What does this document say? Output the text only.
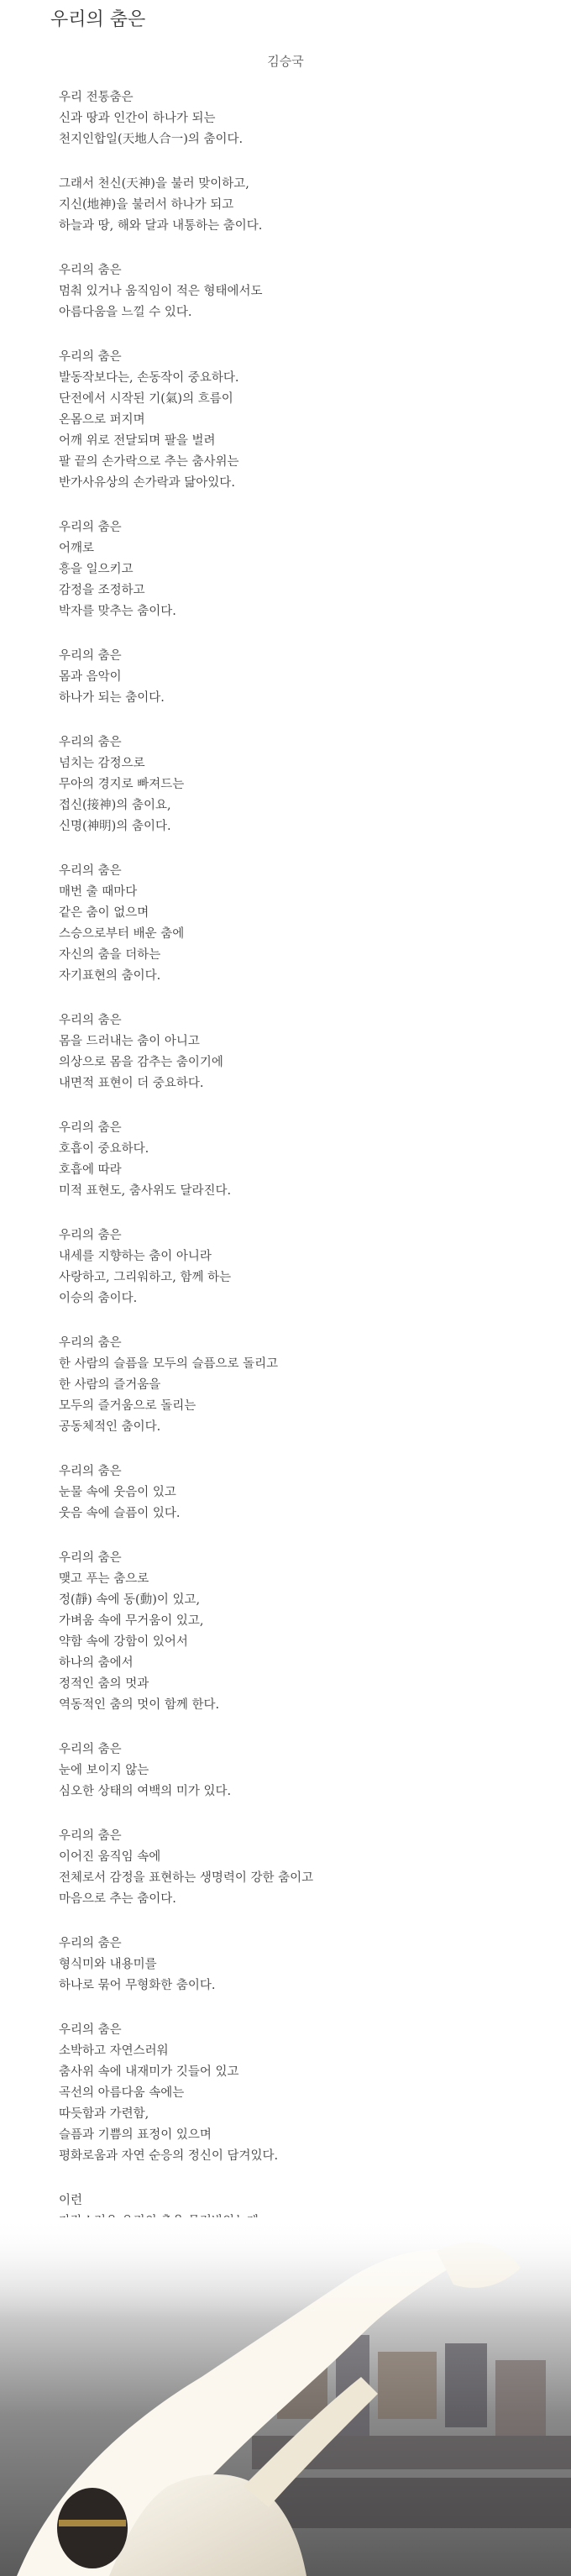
우리의 춤은
김승국
우리 전통춤은
신과 땅과 인간이 하나가 되는
천지인합일(天地人合一)의 춤이다.
그래서 천신(天神)을 불러 맞이하고,
지신(地神)을 불러서 하나가 되고
하늘과 땅, 해와 달과 내통하는 춤이다.
우리의 춤은
멈춰 있거나 움직임이 적은 형태에서도
아름다움을 느낄 수 있다.
우리의 춤은
발동작보다는, 손동작이 중요하다.
단전에서 시작된 기(氣)의 흐름이
온몸으로 퍼지며
어깨 위로 전달되며 팔을 벌려
팔 끝의 손가락으로 추는 춤사위는
반가사유상의 손가락과 닮아있다.
우리의 춤은
어깨로
흥을 일으키고
감정을 조정하고
박자를 맞추는 춤이다.
우리의 춤은
몸과 음악이
하나가 되는 춤이다.
우리의 춤은
넘치는 감정으로
무아의 경지로 빠져드는
접신(接神)의 춤이요,
신명(神明)의 춤이다.
우리의 춤은
매번 출 때마다
같은 춤이 없으며
스승으로부터 배운 춤에
자신의 춤을 더하는
자기표현의 춤이다.
우리의 춤은
몸을 드러내는 춤이 아니고
의상으로 몸을 감추는 춤이기에
내면적 표현이 더 중요하다.
우리의 춤은
호흡이 중요하다.
호흡에 따라
미적 표현도, 춤사위도 달라진다.
우리의 춤은
내세를 지향하는 춤이 아니라
사랑하고, 그리워하고, 함께 하는
이승의 춤이다.
우리의 춤은
한 사람의 슬픔을 모두의 슬픔으로 돌리고
한 사람의 즐거움을
모두의 즐거움으로 돌리는
공동체적인 춤이다.
우리의 춤은
눈물 속에 웃음이 있고
웃음 속에 슬픔이 있다.
우리의 춤은
맺고 푸는 춤으로
정(靜) 속에 동(動)이 있고,
가벼움 속에 무거움이 있고,
약함 속에 강함이 있어서
하나의 춤에서
정적인 춤의 멋과
역동적인 춤의 멋이 함께 한다.
우리의 춤은
눈에 보이지 않는
심오한 상태의 여백의 미가 있다.
우리의 춤은
이어진 움직임 속에
전체로서 감정을 표현하는 생명력이 강한 춤이고
마음으로 추는 춤이다.
우리의 춤은
형식미와 내용미를
하나로 묶어 무형화한 춤이다.
우리의 춤은
소박하고 자연스러워
춤사위 속에 내재미가 깃들어 있고
곡선의 아름다움 속에는
따듯함과 가련함,
슬픔과 기쁨의 표정이 있으며
평화로움과 자연 순응의 정신이 담겨있다.
이런
